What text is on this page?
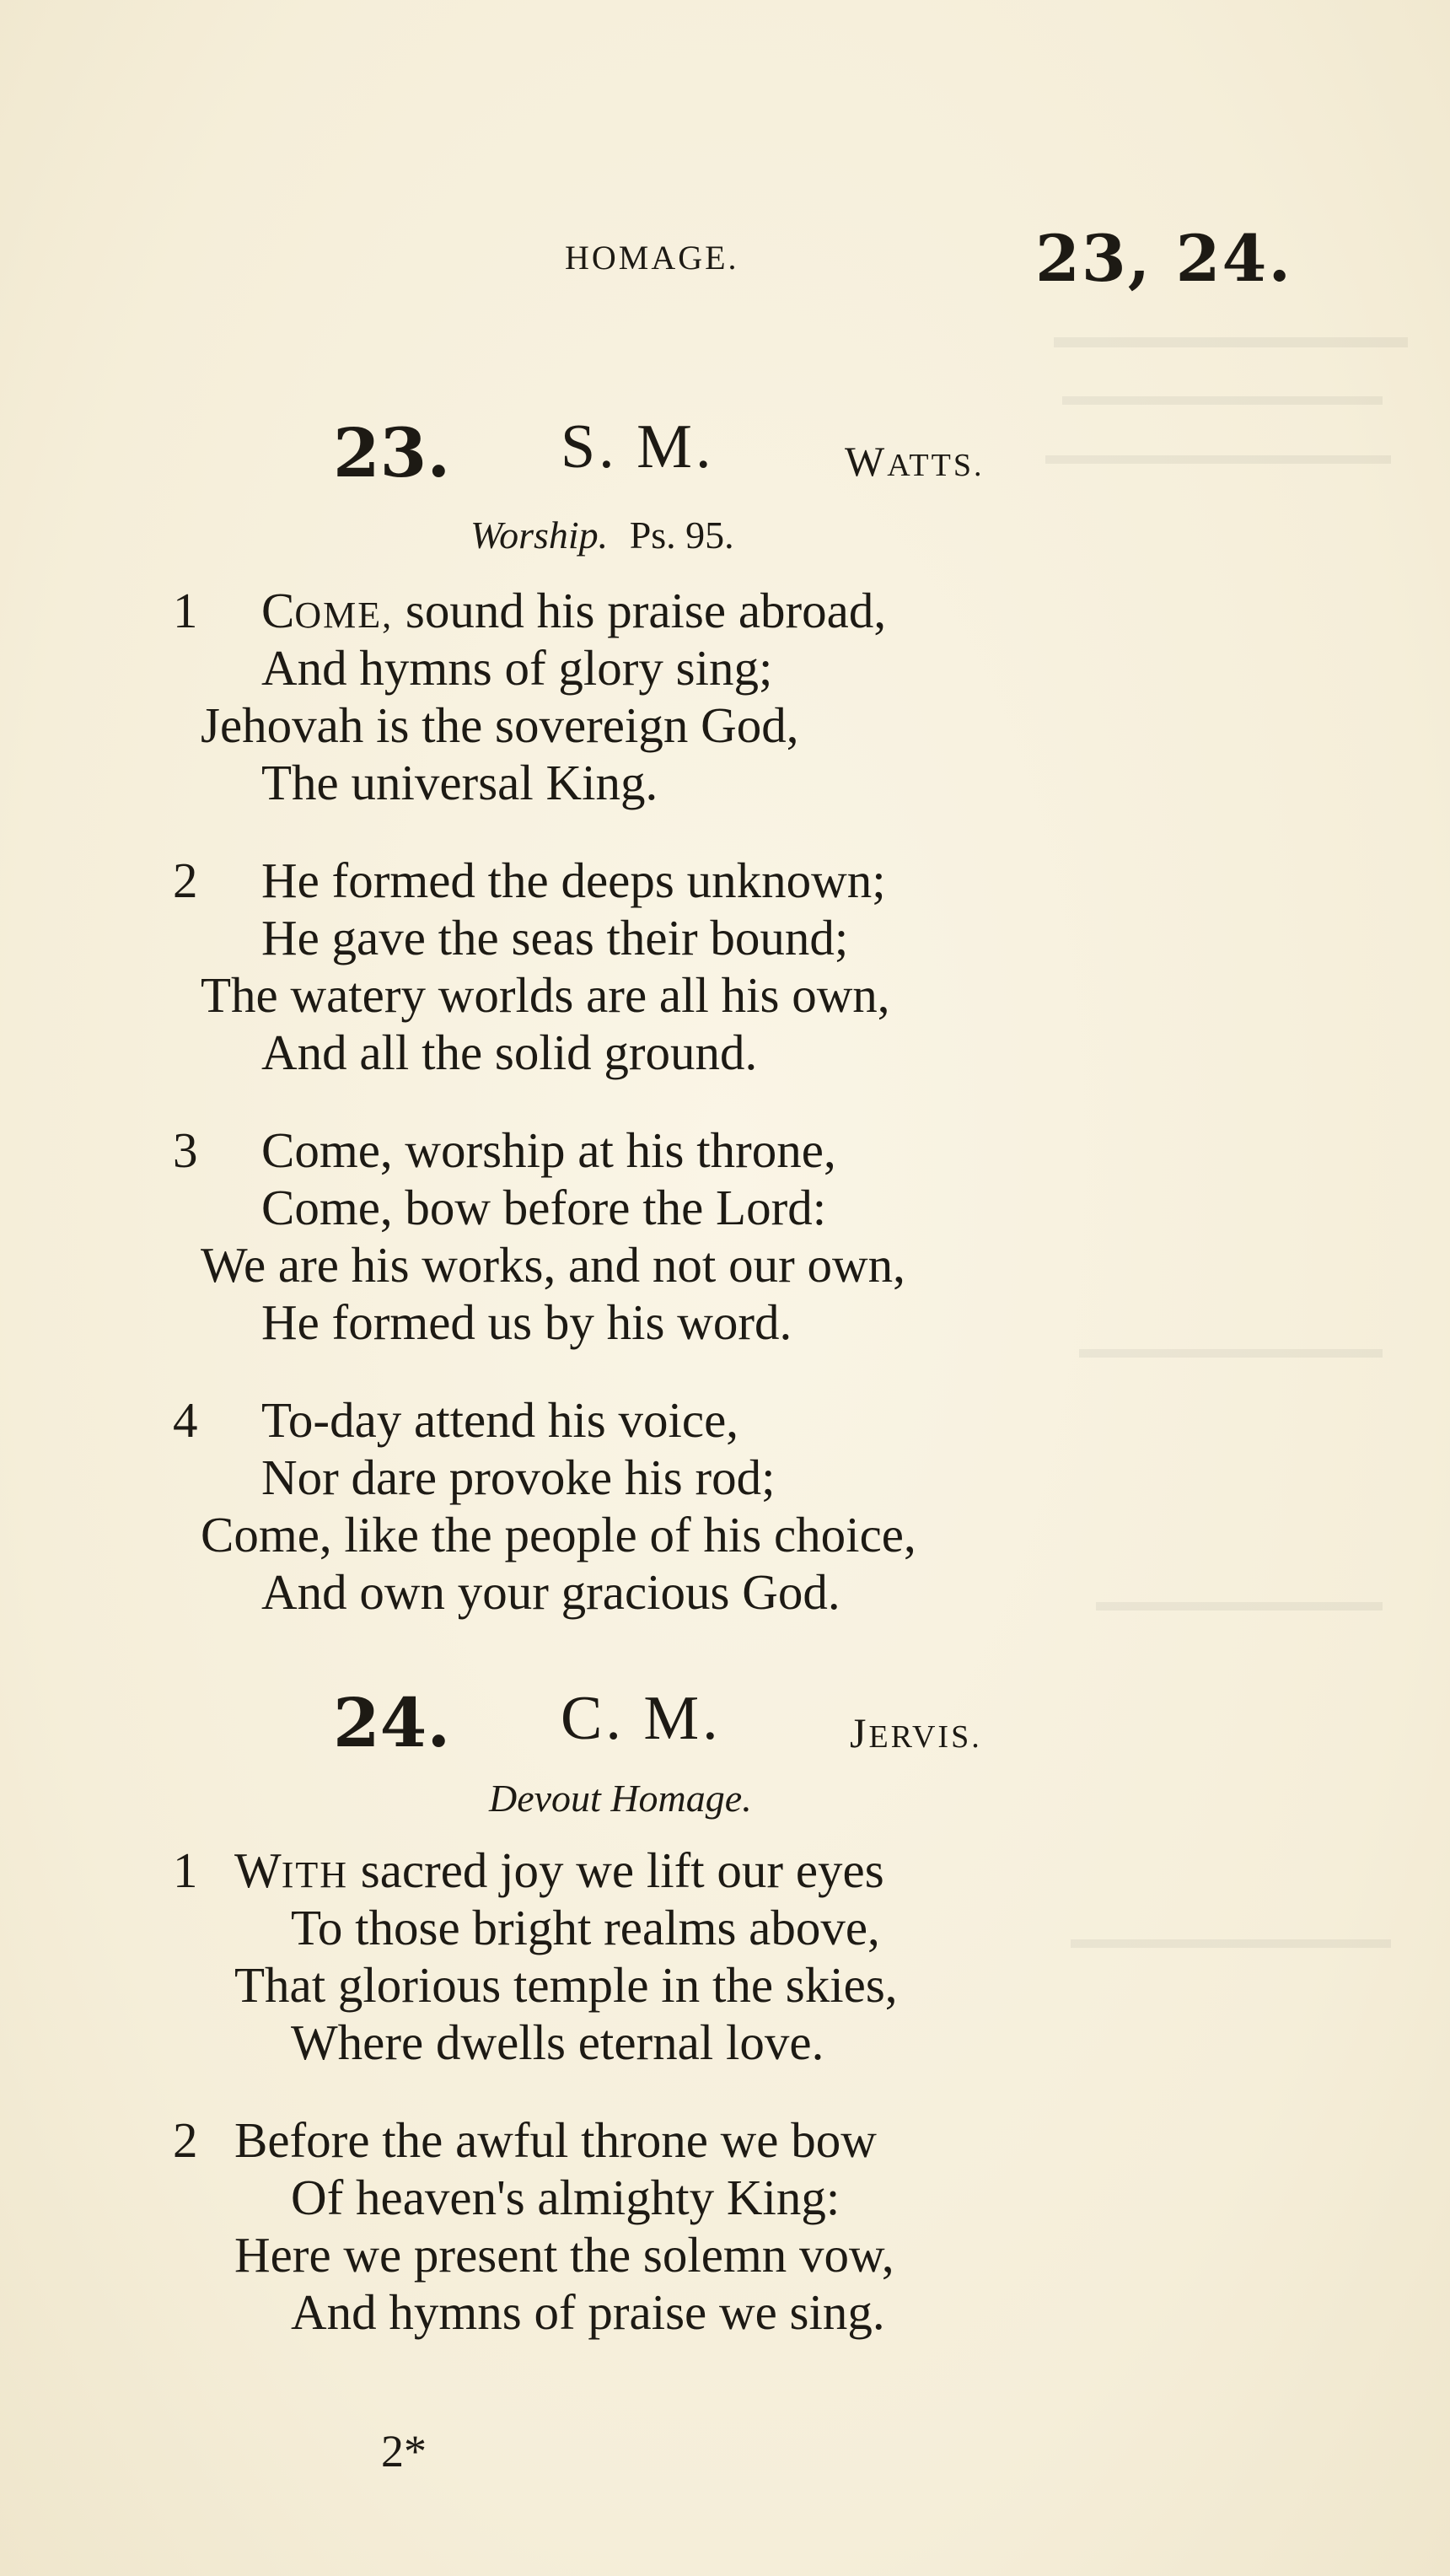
HOMAGE.	23, 24.
23. S. M.	WATTS.
Worship. Ps. 95.
1 COME, sound his praise abroad,
And hymns of glory sing;
Jehovah is the sovereign God,
The universal King.
2 He formed the deeps unknown;
He gave the seas their bound;
The watery worlds are all his own,
And all the solid ground.
3 Come, worship at his throne,
Come, bow before the Lord:
We are his works, and not our own,
He formed us by his word.
4 To-day attend his voice,
Nor dare provoke his rod;
Come, like the people of his choice,
And own your gracious God.
24. C. M.	JERVIS.
Devout Homage.
1 WITH sacred joy we lift our eyes
To those bright realms above,
That glorious temple in the skies,
Where dwells eternal love.
2 Before the awful throne we bow
Of heaven's almighty King:
Here we present the solemn vow,
And hymns of praise we sing.
2*
